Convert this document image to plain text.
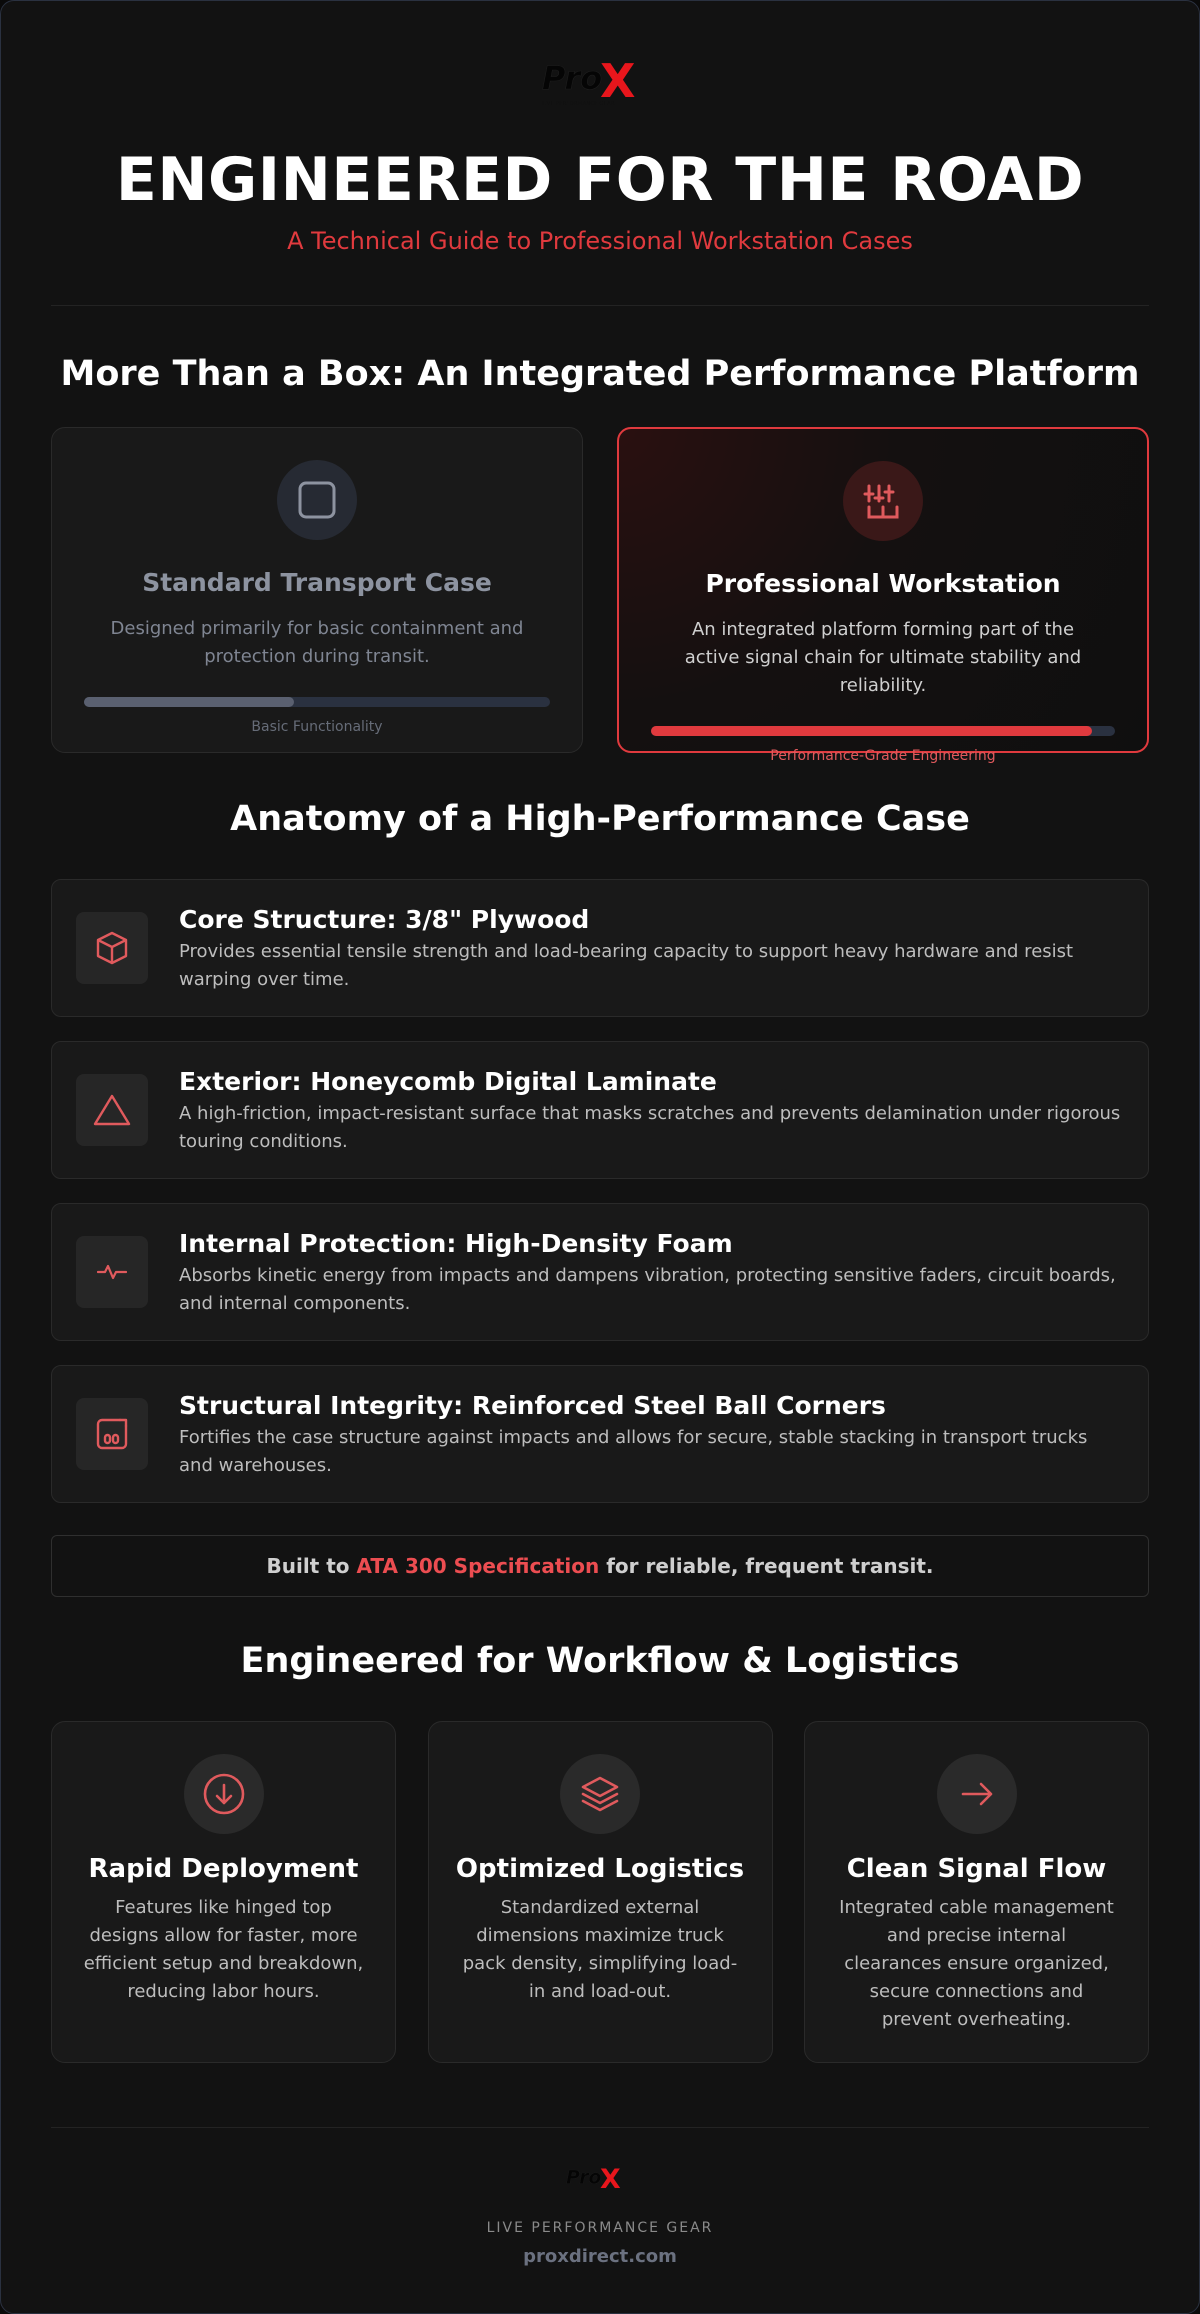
Pro
X
LIVE PERFORMANCE GEAR
ENGINEERED FOR THE ROAD
A Technical Guide to Professional Workstation Cases
More Than a Box: An Integrated Performance Platform
Standard Transport Case
Designed primarily for basic containment and protection during transit.
Basic Functionality
Professional Workstation
An integrated platform forming part of the active signal chain for ultimate stability and reliability.
Performance-Grade Engineering
Anatomy of a High-Performance Case
Core Structure: 3/8" Plywood
Provides essential tensile strength and load-bearing capacity to support heavy hardware and resist warping over time.
Exterior: Honeycomb Digital Laminate
A high-friction, impact-resistant surface that masks scratches and prevents delamination under rigorous touring conditions.
Internal Protection: High-Density Foam
Absorbs kinetic energy from impacts and dampens vibration, protecting sensitive faders, circuit boards, and internal components.
Structural Integrity: Reinforced Steel Ball Corners
Fortifies the case structure against impacts and allows for secure, stable stacking in transport trucks and warehouses.
Built to ATA 300 Specification for reliable, frequent transit.
Engineered for Workflow & Logistics
Rapid Deployment
Features like hinged top designs allow for faster, more efficient setup and breakdown, reducing labor hours.
Optimized Logistics
Standardized external dimensions maximize truck pack density, simplifying load-in and load-out.
Clean Signal Flow
Integrated cable management and precise internal clearances ensure organized, secure connections and prevent overheating.
Pro
X
LIVE PERFORMANCE GEAR
proxdirect.com
